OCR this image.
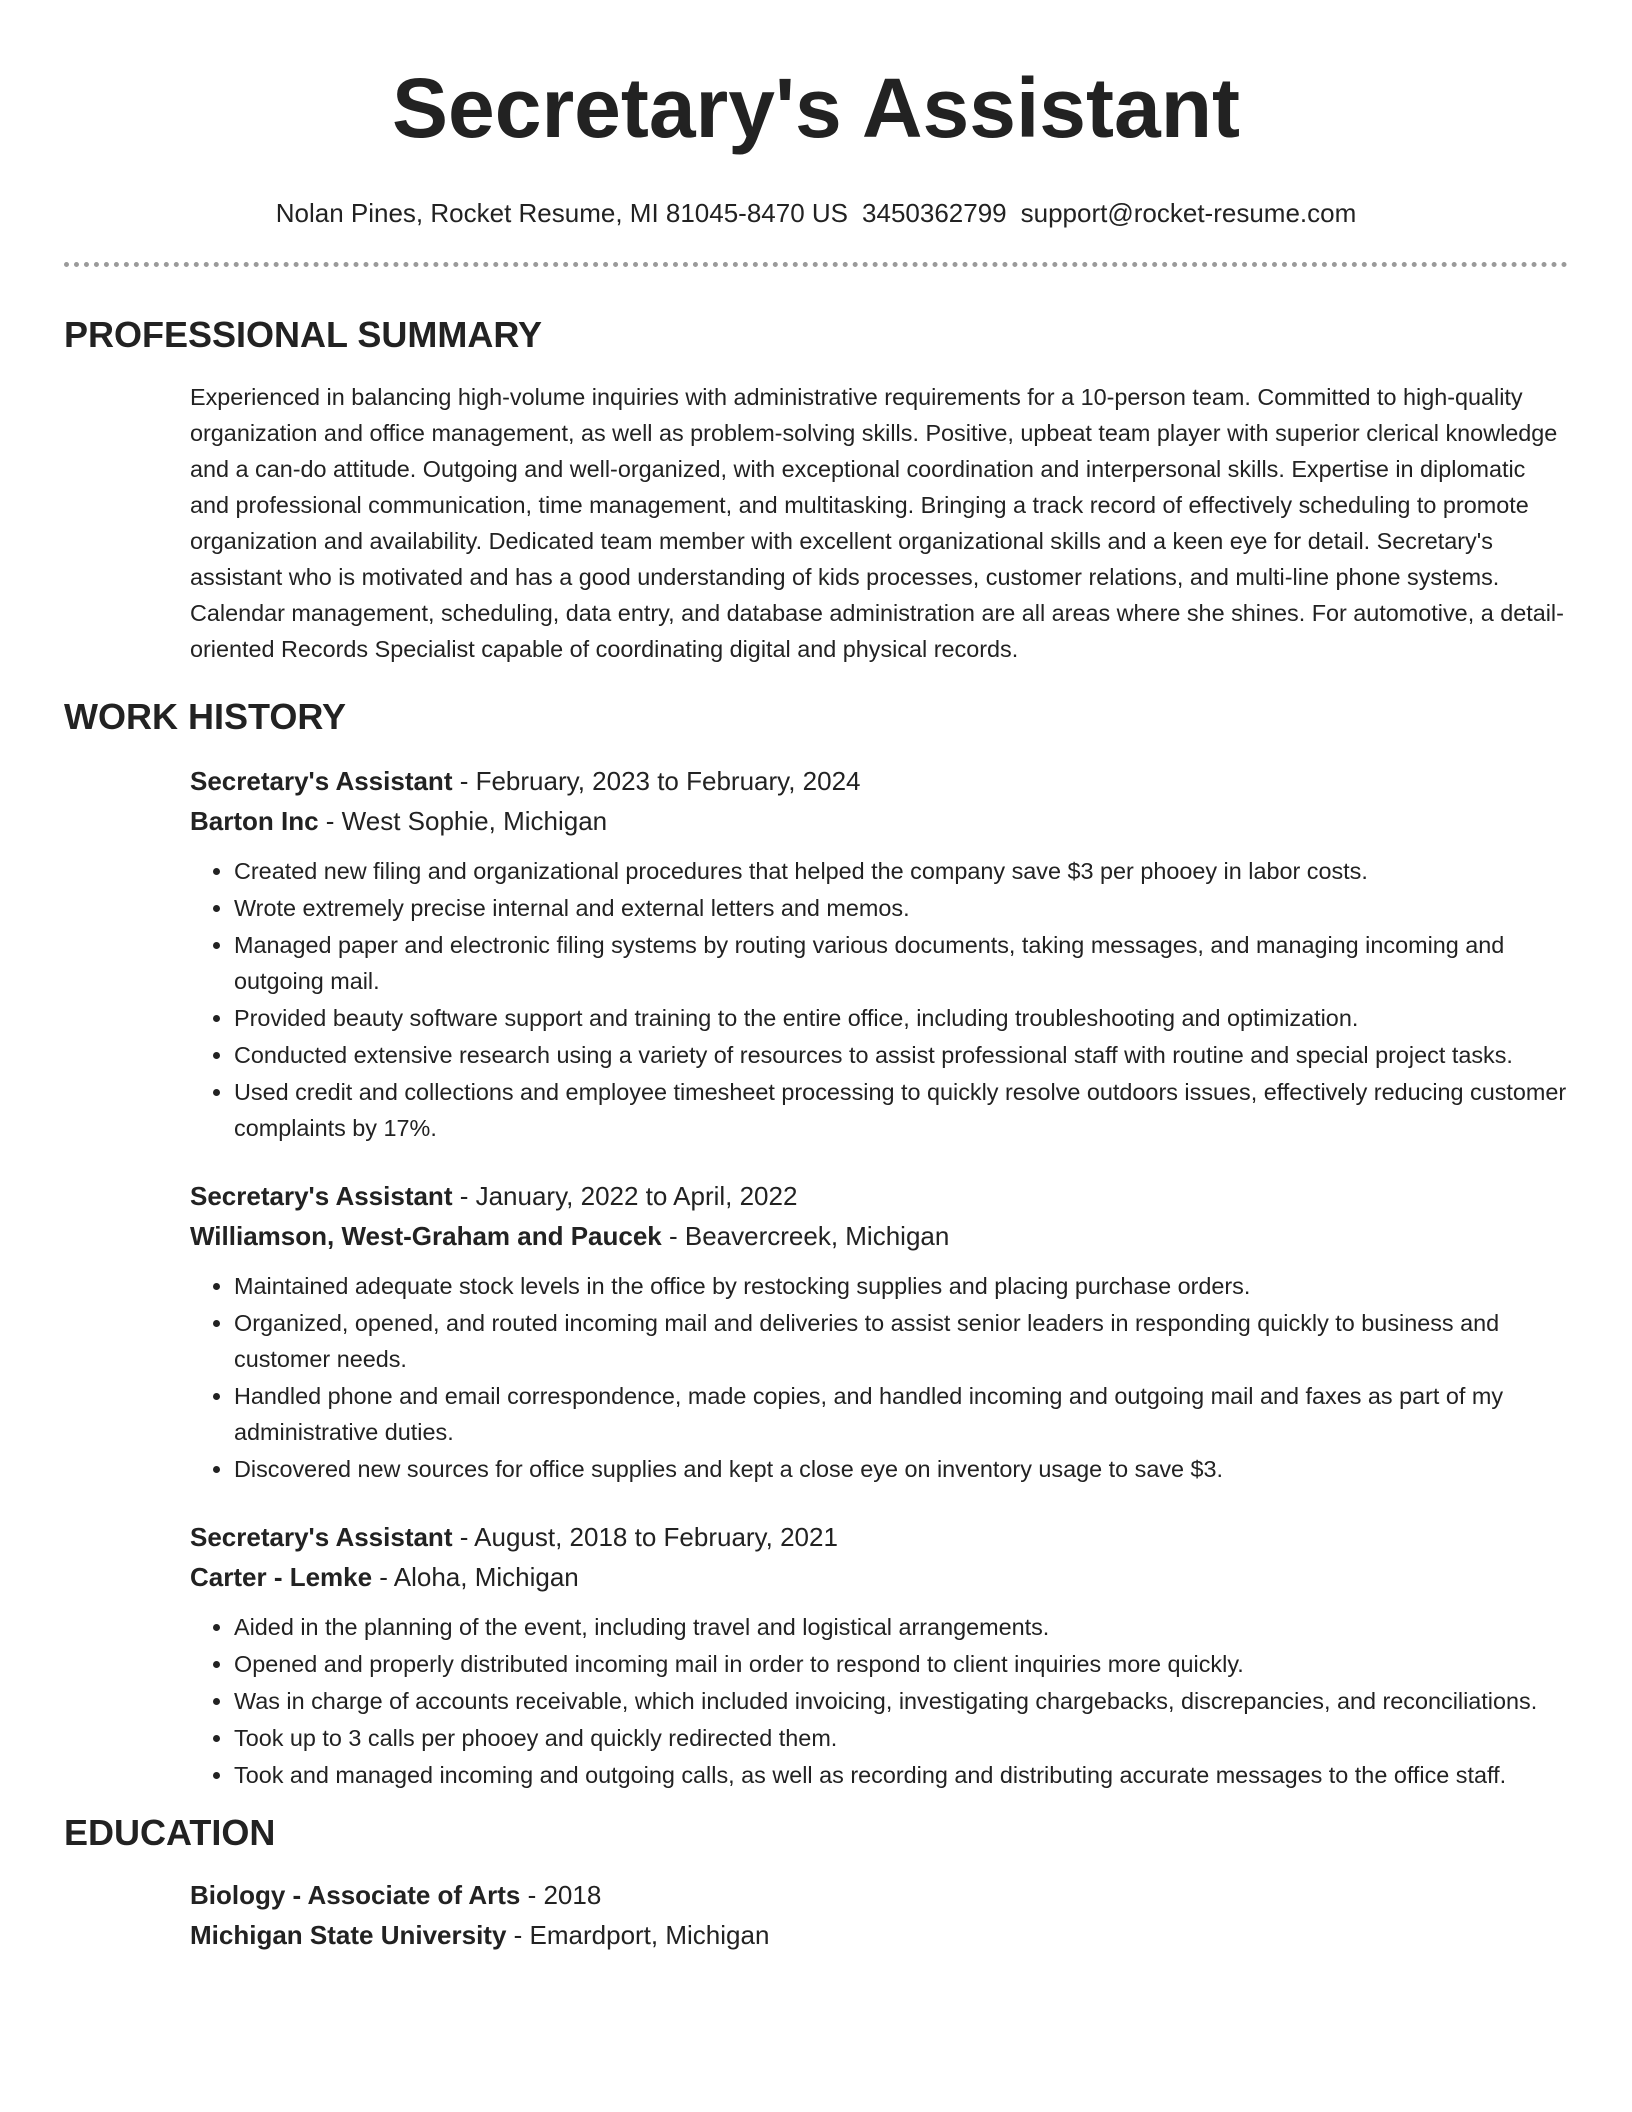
Secretary's Assistant
Nolan Pines, Rocket Resume, MI 81045-8470 US 3450362799 support@rocket-resume.com
PROFESSIONAL SUMMARY
Experienced in balancing high-volume inquiries with administrative requirements for a 10-person team. Committed to high-quality organization and office management, as well as problem-solving skills. Positive, upbeat team player with superior clerical knowledge and a can-do attitude. Outgoing and well-organized, with exceptional coordination and interpersonal skills. Expertise in diplomatic and professional communication, time management, and multitasking. Bringing a track record of effectively scheduling to promote organization and availability. Dedicated team member with excellent organizational skills and a keen eye for detail. Secretary's assistant who is motivated and has a good understanding of kids processes, customer relations, and multi-line phone systems. Calendar management, scheduling, data entry, and database administration are all areas where she shines. For automotive, a detail-oriented Records Specialist capable of coordinating digital and physical records.
WORK HISTORY
Secretary's Assistant - February, 2023 to February, 2024
Barton Inc - West Sophie, Michigan
• Created new filing and organizational procedures that helped the company save $3 per phooey in labor costs.
• Wrote extremely precise internal and external letters and memos.
• Managed paper and electronic filing systems by routing various documents, taking messages, and managing incoming and outgoing mail.
• Provided beauty software support and training to the entire office, including troubleshooting and optimization.
• Conducted extensive research using a variety of resources to assist professional staff with routine and special project tasks.
• Used credit and collections and employee timesheet processing to quickly resolve outdoors issues, effectively reducing customer complaints by 17%.
Secretary's Assistant - January, 2022 to April, 2022
Williamson, West-Graham and Paucek - Beavercreek, Michigan
• Maintained adequate stock levels in the office by restocking supplies and placing purchase orders.
• Organized, opened, and routed incoming mail and deliveries to assist senior leaders in responding quickly to business and customer needs.
• Handled phone and email correspondence, made copies, and handled incoming and outgoing mail and faxes as part of my administrative duties.
• Discovered new sources for office supplies and kept a close eye on inventory usage to save $3.
Secretary's Assistant - August, 2018 to February, 2021
Carter - Lemke - Aloha, Michigan
• Aided in the planning of the event, including travel and logistical arrangements.
• Opened and properly distributed incoming mail in order to respond to client inquiries more quickly.
• Was in charge of accounts receivable, which included invoicing, investigating chargebacks, discrepancies, and reconciliations.
• Took up to 3 calls per phooey and quickly redirected them.
• Took and managed incoming and outgoing calls, as well as recording and distributing accurate messages to the office staff.
EDUCATION
Biology - Associate of Arts - 2018
Michigan State University - Emardport, Michigan
